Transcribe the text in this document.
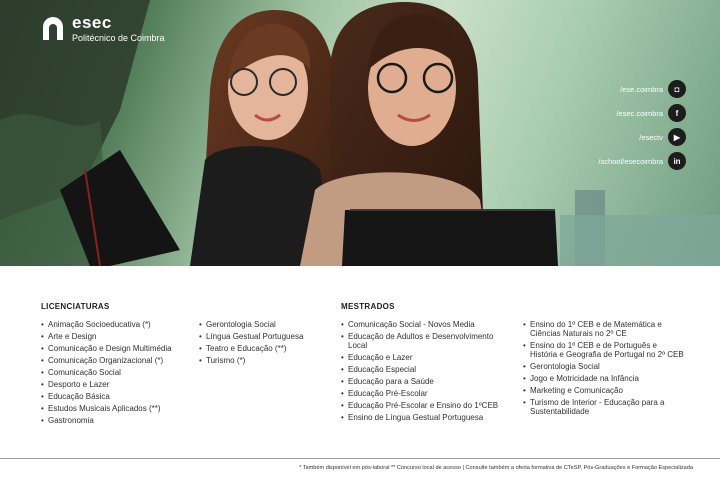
esec
Politécnico de Coimbra
/ese.coimbra	◘
/esec.coimbra	f
/esectv	▶
/school/esecoimbra	in
LICENCIATURAS
• Animação Socioeducativa (*)
• Arte e Design
• Comunicação e Design Multimédia
• Comunicação Organizacional (*)
• Comunicação Social
• Desporto e Lazer
• Educação Básica
• Estudos Musicais Aplicados (**)
• Gastronomia
• Gerontologia Social
• Língua Gestual Portuguesa
• Teatro e Educação (**)
• Turismo (*)
MESTRADOS
• Comunicação Social - Novos Media
• Educação de Adultos e Desenvolvimento Local
• Educação e Lazer
• Educação Especial
• Educação para a Saúde
• Educação Pré-Escolar
• Educação Pré-Escolar e Ensino do 1ºCEB
• Ensino de Língua Gestual Portuguesa
• Ensino do 1º CEB e de Matemática e Ciências Naturais no 2º CE
• Ensino do 1º CEB e de Português e História e Geografia de Portugal no 2º CEB
• Gerontologia Social
• Jogo e Motricidade na Infância
• Marketing e Comunicação
• Turismo de Interior - Educação para a Sustentabilidade
* Também disponível em pós-laboral ** Concurso local de acesso | Consulte também a oferta formativa de CTeSP, Pós-Graduações e Formação Especializada
